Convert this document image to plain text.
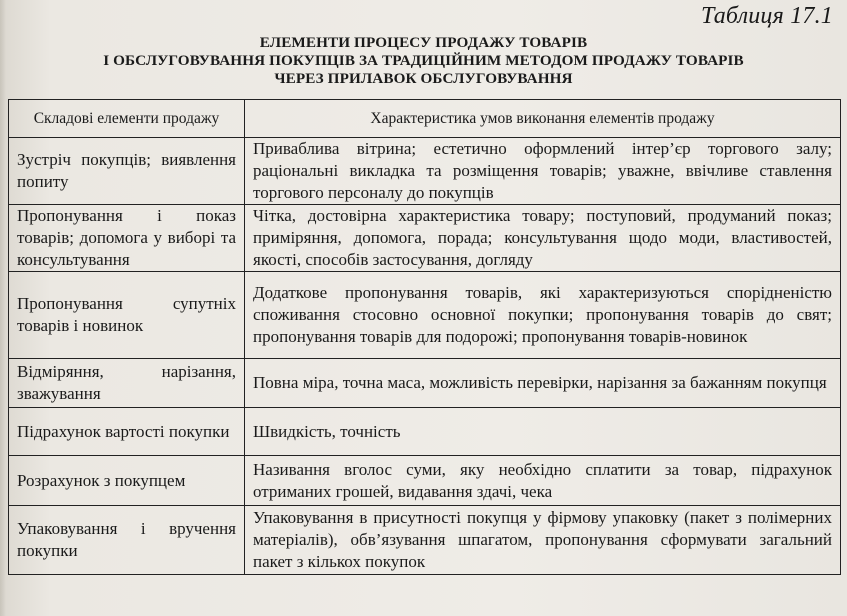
Таблиця 17.1
ЕЛЕМЕНТИ ПРОЦЕСУ ПРОДАЖУ ТОВАРІВ
І ОБСЛУГОВУВАННЯ ПОКУПЦІВ ЗА ТРАДИЦІЙНИМ МЕТОДОМ ПРОДАЖУ ТОВАРІВ
ЧЕРЕЗ ПРИЛАВОК ОБСЛУГОВУВАННЯ
Складові елементи продажу	Характеристика умов виконання елементів продажу
Зустріч покупців; виявлення попиту	Приваблива вітрина; естетично оформлений інтер’єр торгового залу; раціональні викладка та розміщення товарів; уважне, ввічливе ставлення торгового персоналу до покупців
Пропонування і показ товарів; допомога у виборі та консультування	Чітка, достовірна характеристика товару; поступовий, продуманий показ; приміряння, допомога, порада; консультування щодо моди, властивостей, якості, способів застосування, догляду
Пропонування супутніх товарів і новинок	Додаткове пропонування товарів, які характеризуються спорідненістю споживання стосовно основної покупки; пропонування товарів до свят; пропонування товарів для подорожі; пропонування товарів-новинок
Відміряння, нарізання, зважування	Повна міра, точна маса, можливість перевірки, нарізання за бажанням покупця
Підрахунок вартості покупки	Швидкість, точність
Розрахунок з покупцем	Називання вголос суми, яку необхідно сплатити за товар, підрахунок отриманих грошей, видавання здачі, чека
Упаковування і вручення покупки	Упаковування в присутності покупця у фірмову упаковку (пакет з полімерних матеріалів), обв’язування шпагатом, пропонування сформувати загальний пакет з кількох покупок
